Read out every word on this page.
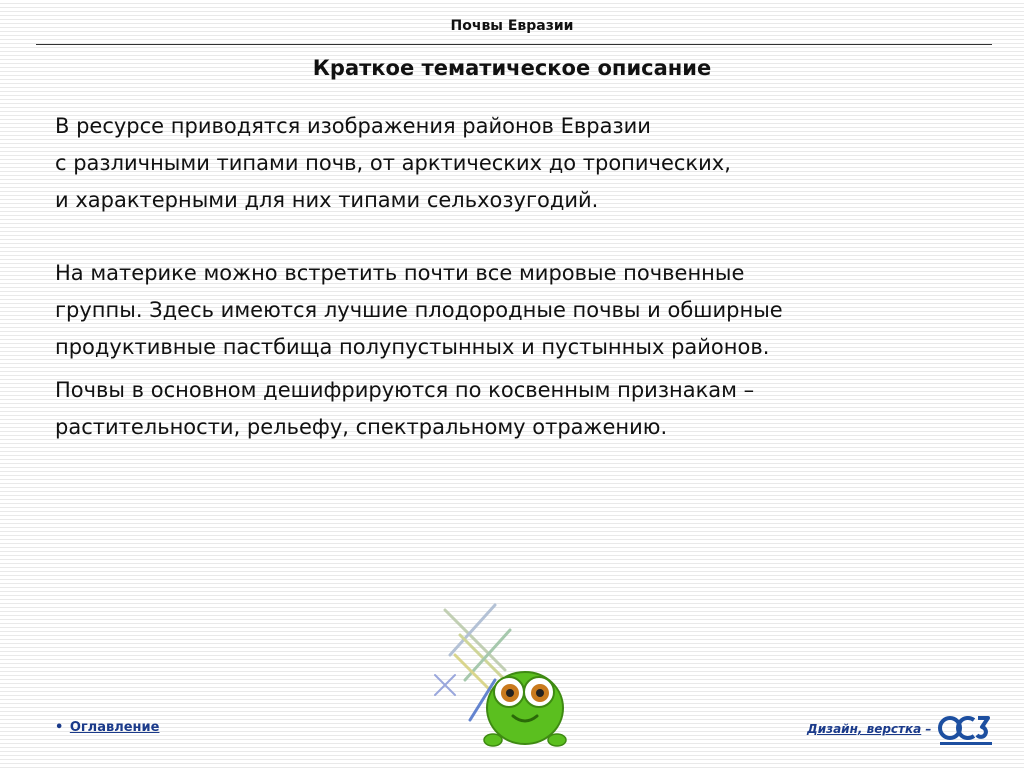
Почвы Евразии
Краткое тематическое описание

В ресурсе приводятся изображения районов Евразии
с различными типами почв, от арктических до тропических,
и характерными для них типами сельхозугодий.

На материке можно встретить почти все мировые почвенные
группы. Здесь имеются лучшие плодородные почвы и обширные
продуктивные пастбища полупустынных и пустынных районов.

Почвы в основном дешифрируются по косвенным признакам –
растительности, рельефу, спектральному отражению.

• Оглавление	Дизайн, верстка –
